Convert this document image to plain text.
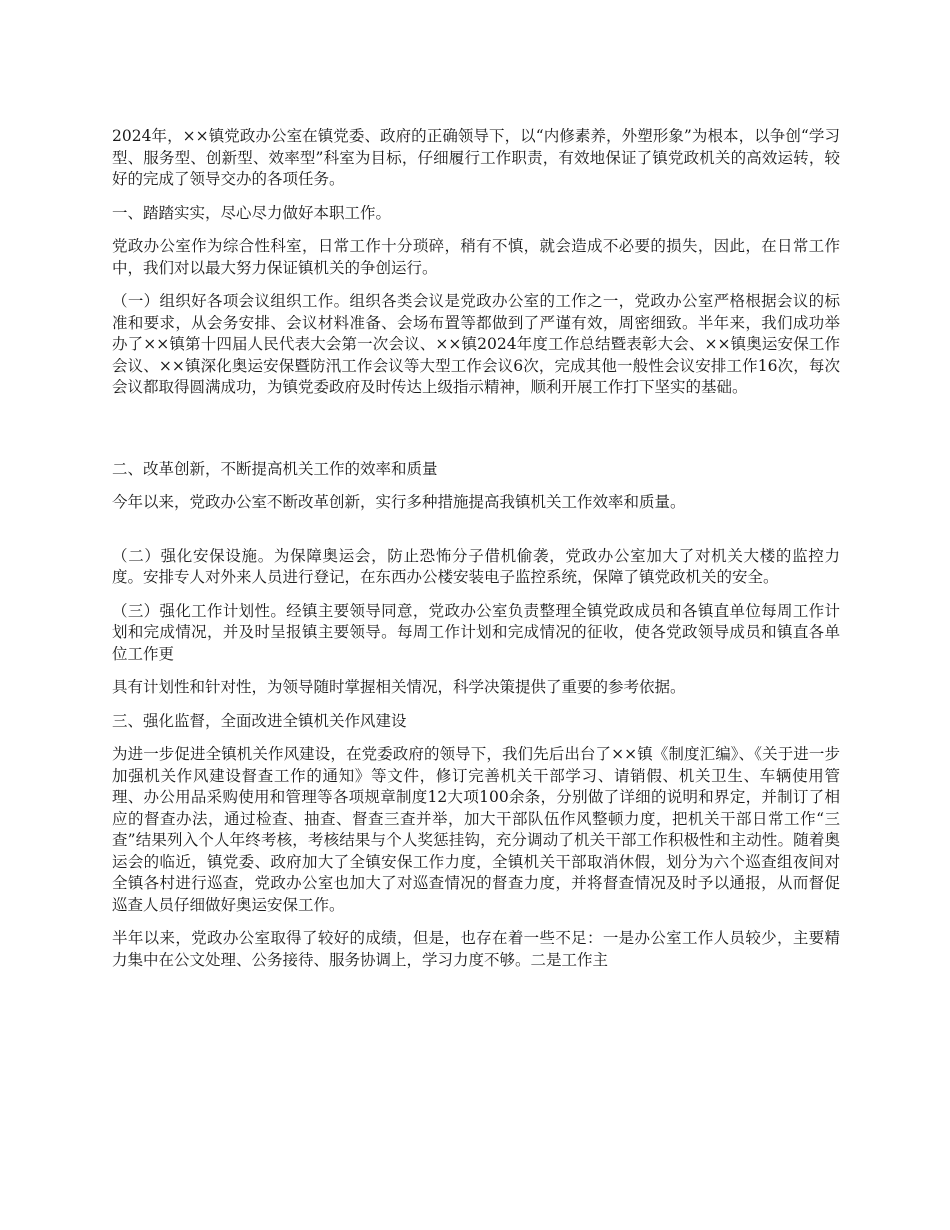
2024年，××镇党政办公室在镇党委、政府的正确领导下，以“内修素养，外塑形象”为根本，以争创“学习型、服务型、创新型、效率型”科室为目标，仔细履行工作职责，有效地保证了镇党政机关的高效运转，较好的完成了领导交办的各项任务。

一、踏踏实实，尽心尽力做好本职工作。

党政办公室作为综合性科室，日常工作十分琐碎，稍有不慎，就会造成不必要的损失，因此，在日常工作中，我们对以最大努力保证镇机关的争创运行。

（一）组织好各项会议组织工作。组织各类会议是党政办公室的工作之一，党政办公室严格根据会议的标准和要求，从会务安排、会议材料准备、会场布置等都做到了严谨有效，周密细致。半年来，我们成功举办了××镇第十四届人民代表大会第一次会议、××镇2024年度工作总结暨表彰大会、××镇奥运安保工作会议、××镇深化奥运安保暨防汛工作会议等大型工作会议6次，完成其他一般性会议安排工作16次，每次会议都取得圆满成功，为镇党委政府及时传达上级指示精神，顺利开展工作打下坚实的基础。

二、改革创新，不断提高机关工作的效率和质量

今年以来，党政办公室不断改革创新，实行多种措施提高我镇机关工作效率和质量。

（二）强化安保设施。为保障奥运会，防止恐怖分子借机偷袭，党政办公室加大了对机关大楼的监控力度。安排专人对外来人员进行登记，在东西办公楼安装电子监控系统，保障了镇党政机关的安全。

（三）强化工作计划性。经镇主要领导同意，党政办公室负责整理全镇党政成员和各镇直单位每周工作计划和完成情况，并及时呈报镇主要领导。每周工作计划和完成情况的征收，使各党政领导成员和镇直各单位工作更

具有计划性和针对性，为领导随时掌握相关情况，科学决策提供了重要的参考依据。

三、强化监督，全面改进全镇机关作风建设

为进一步促进全镇机关作风建设，在党委政府的领导下，我们先后出台了××镇《制度汇编》、《关于进一步加强机关作风建设督查工作的通知》等文件，修订完善机关干部学习、请销假、机关卫生、车辆使用管理、办公用品采购使用和管理等各项规章制度12大项100余条，分别做了详细的说明和界定，并制订了相应的督查办法，通过检查、抽查、督查三查并举，加大干部队伍作风整顿力度，把机关干部日常工作“三查”结果列入个人年终考核，考核结果与个人奖惩挂钩，充分调动了机关干部工作积极性和主动性。随着奥运会的临近，镇党委、政府加大了全镇安保工作力度，全镇机关干部取消休假，划分为六个巡查组夜间对全镇各村进行巡查，党政办公室也加大了对巡查情况的督查力度，并将督查情况及时予以通报，从而督促巡查人员仔细做好奥运安保工作。

半年以来，党政办公室取得了较好的成绩，但是，也存在着一些不足：一是办公室工作人员较少，主要精力集中在公文处理、公务接待、服务协调上，学习力度不够。二是工作主
